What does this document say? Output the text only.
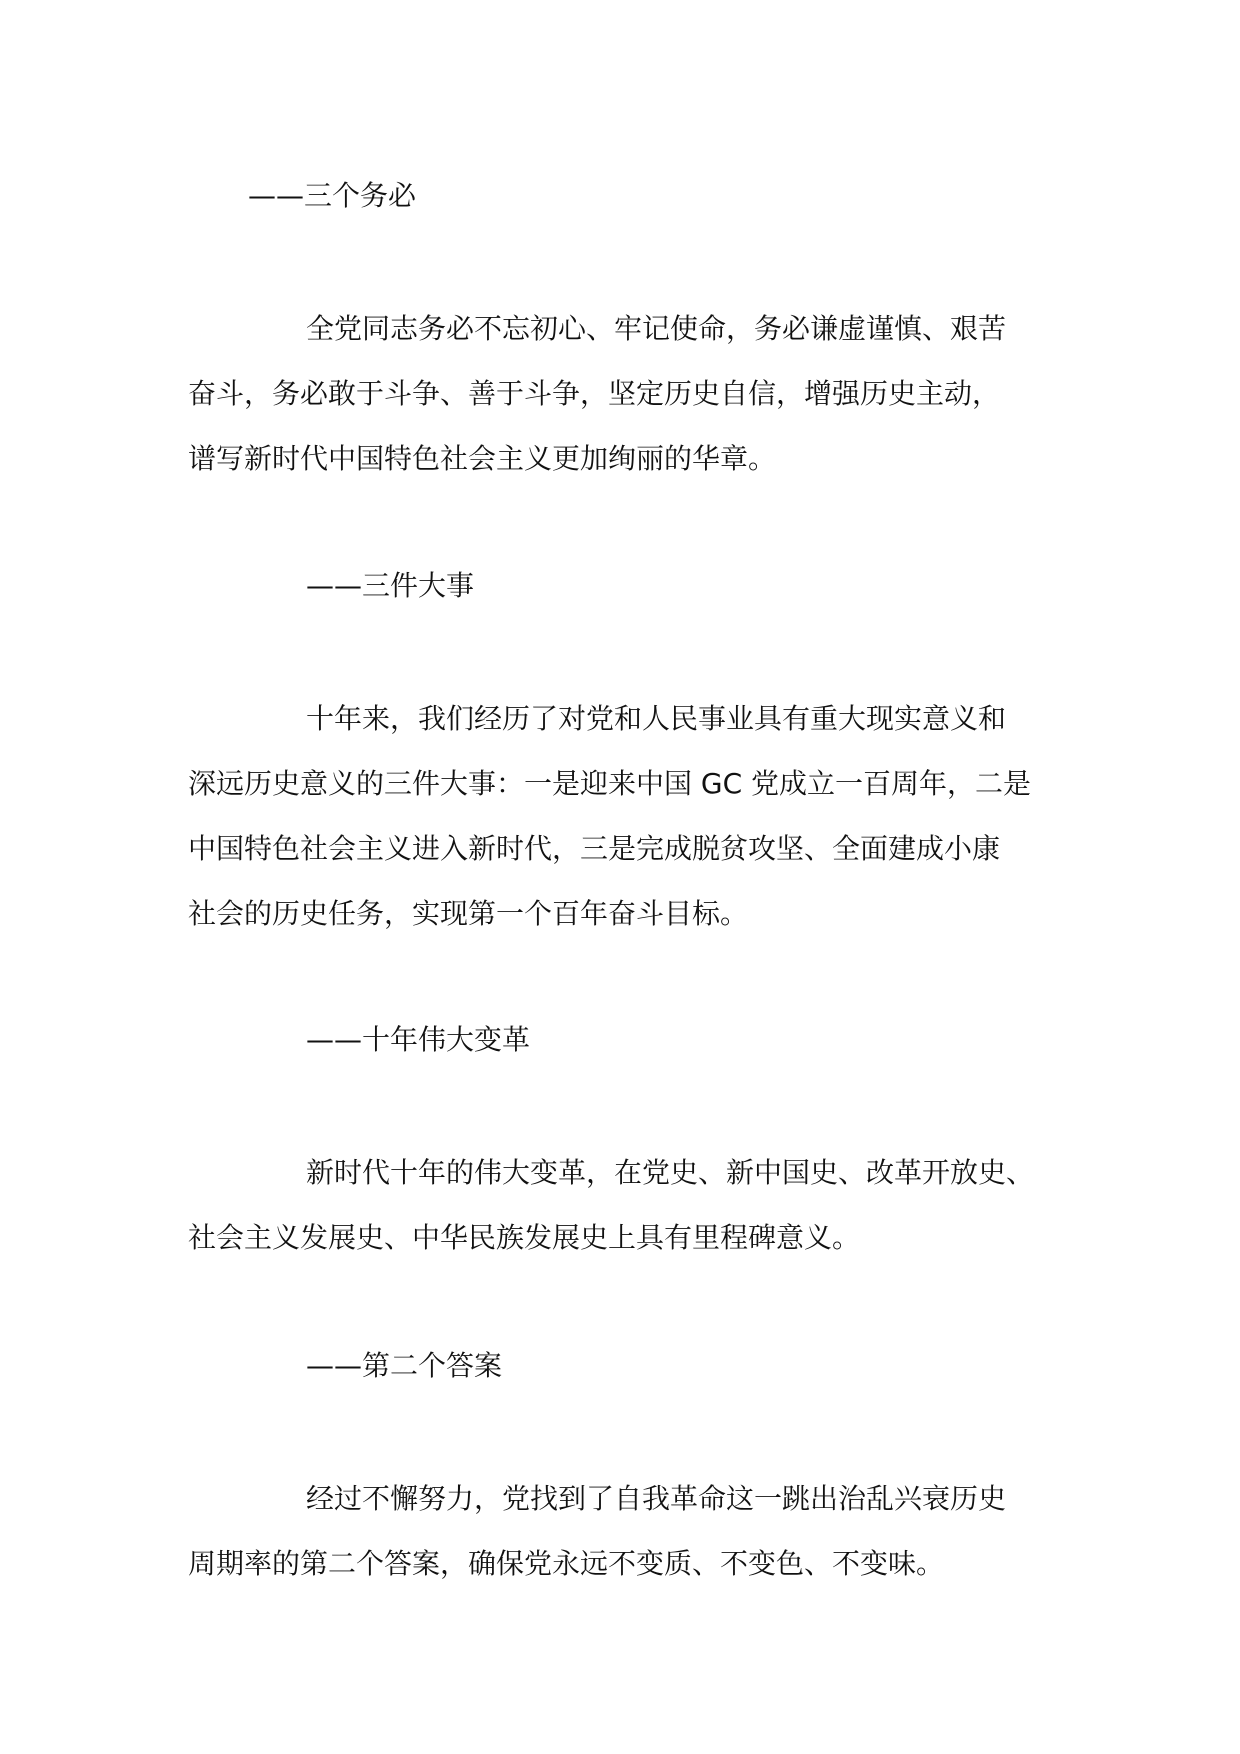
——三个务必

全党同志务必不忘初心、牢记使命，务必谦虚谨慎、艰苦
奋斗，务必敢于斗争、善于斗争，坚定历史自信，增强历史主动，
谱写新时代中国特色社会主义更加绚丽的华章。

——三件大事

十年来，我们经历了对党和人民事业具有重大现实意义和
深远历史意义的三件大事：一是迎来中国 GC 党成立一百周年，二是
中国特色社会主义进入新时代，三是完成脱贫攻坚、全面建成小康
社会的历史任务，实现第一个百年奋斗目标。

——十年伟大变革

新时代十年的伟大变革，在党史、新中国史、改革开放史、
社会主义发展史、中华民族发展史上具有里程碑意义。

——第二个答案

经过不懈努力，党找到了自我革命这一跳出治乱兴衰历史
周期率的第二个答案，确保党永远不变质、不变色、不变味。
